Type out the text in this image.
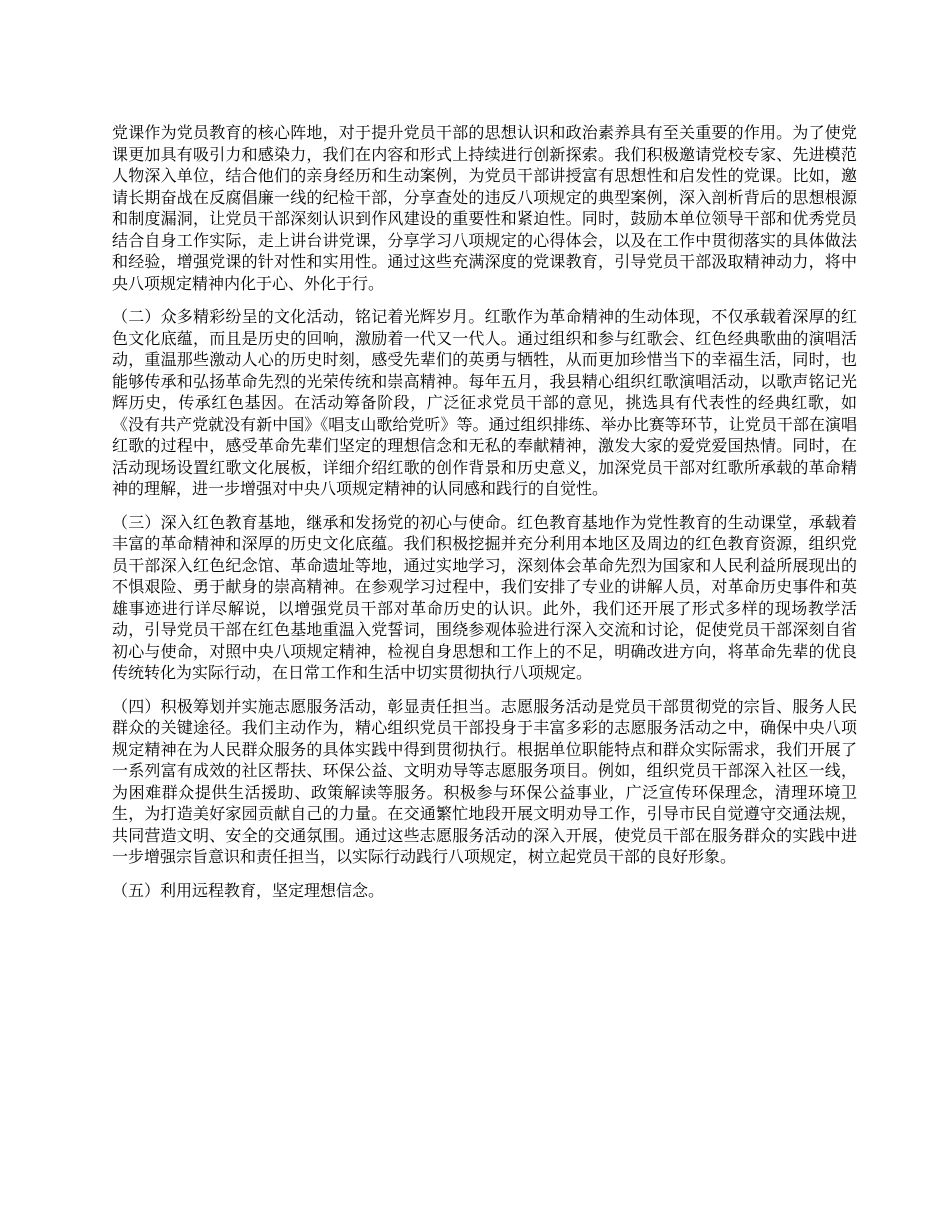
党课作为党员教育的核心阵地，对于提升党员干部的思想认识和政治素养具有至关重要的作用。为了使党课更加具有吸引力和感染力，我们在内容和形式上持续进行创新探索。我们积极邀请党校专家、先进模范人物深入单位，结合他们的亲身经历和生动案例，为党员干部讲授富有思想性和启发性的党课。比如，邀请长期奋战在反腐倡廉一线的纪检干部，分享查处的违反八项规定的典型案例，深入剖析背后的思想根源和制度漏洞，让党员干部深刻认识到作风建设的重要性和紧迫性。同时，鼓励本单位领导干部和优秀党员结合自身工作实际，走上讲台讲党课，分享学习八项规定的心得体会，以及在工作中贯彻落实的具体做法和经验，增强党课的针对性和实用性。通过这些充满深度的党课教育，引导党员干部汲取精神动力，将中央八项规定精神内化于心、外化于行。

（二）众多精彩纷呈的文化活动，铭记着光辉岁月。红歌作为革命精神的生动体现，不仅承载着深厚的红色文化底蕴，而且是历史的回响，激励着一代又一代人。通过组织和参与红歌会、红色经典歌曲的演唱活动，重温那些激动人心的历史时刻，感受先辈们的英勇与牺牲，从而更加珍惜当下的幸福生活，同时，也能够传承和弘扬革命先烈的光荣传统和崇高精神。每年五月，我县精心组织红歌演唱活动，以歌声铭记光辉历史，传承红色基因。在活动筹备阶段，广泛征求党员干部的意见，挑选具有代表性的经典红歌，如《没有共产党就没有新中国》《唱支山歌给党听》等。通过组织排练、举办比赛等环节，让党员干部在演唱红歌的过程中，感受革命先辈们坚定的理想信念和无私的奉献精神，激发大家的爱党爱国热情。同时，在活动现场设置红歌文化展板，详细介绍红歌的创作背景和历史意义，加深党员干部对红歌所承载的革命精神的理解，进一步增强对中央八项规定精神的认同感和践行的自觉性。

（三）深入红色教育基地，继承和发扬党的初心与使命。红色教育基地作为党性教育的生动课堂，承载着丰富的革命精神和深厚的历史文化底蕴。我们积极挖掘并充分利用本地区及周边的红色教育资源，组织党员干部深入红色纪念馆、革命遗址等地，通过实地学习，深刻体会革命先烈为国家和人民利益所展现出的不惧艰险、勇于献身的崇高精神。在参观学习过程中，我们安排了专业的讲解人员，对革命历史事件和英雄事迹进行详尽解说，以增强党员干部对革命历史的认识。此外，我们还开展了形式多样的现场教学活动，引导党员干部在红色基地重温入党誓词，围绕参观体验进行深入交流和讨论，促使党员干部深刻自省初心与使命，对照中央八项规定精神，检视自身思想和工作上的不足，明确改进方向，将革命先辈的优良传统转化为实际行动，在日常工作和生活中切实贯彻执行八项规定。

（四）积极筹划并实施志愿服务活动，彰显责任担当。志愿服务活动是党员干部贯彻党的宗旨、服务人民群众的关键途径。我们主动作为，精心组织党员干部投身于丰富多彩的志愿服务活动之中，确保中央八项规定精神在为人民群众服务的具体实践中得到贯彻执行。根据单位职能特点和群众实际需求，我们开展了一系列富有成效的社区帮扶、环保公益、文明劝导等志愿服务项目。例如，组织党员干部深入社区一线，为困难群众提供生活援助、政策解读等服务。积极参与环保公益事业，广泛宣传环保理念，清理环境卫生，为打造美好家园贡献自己的力量。在交通繁忙地段开展文明劝导工作，引导市民自觉遵守交通法规，共同营造文明、安全的交通氛围。通过这些志愿服务活动的深入开展，使党员干部在服务群众的实践中进一步增强宗旨意识和责任担当，以实际行动践行八项规定，树立起党员干部的良好形象。

（五）利用远程教育，坚定理想信念。
